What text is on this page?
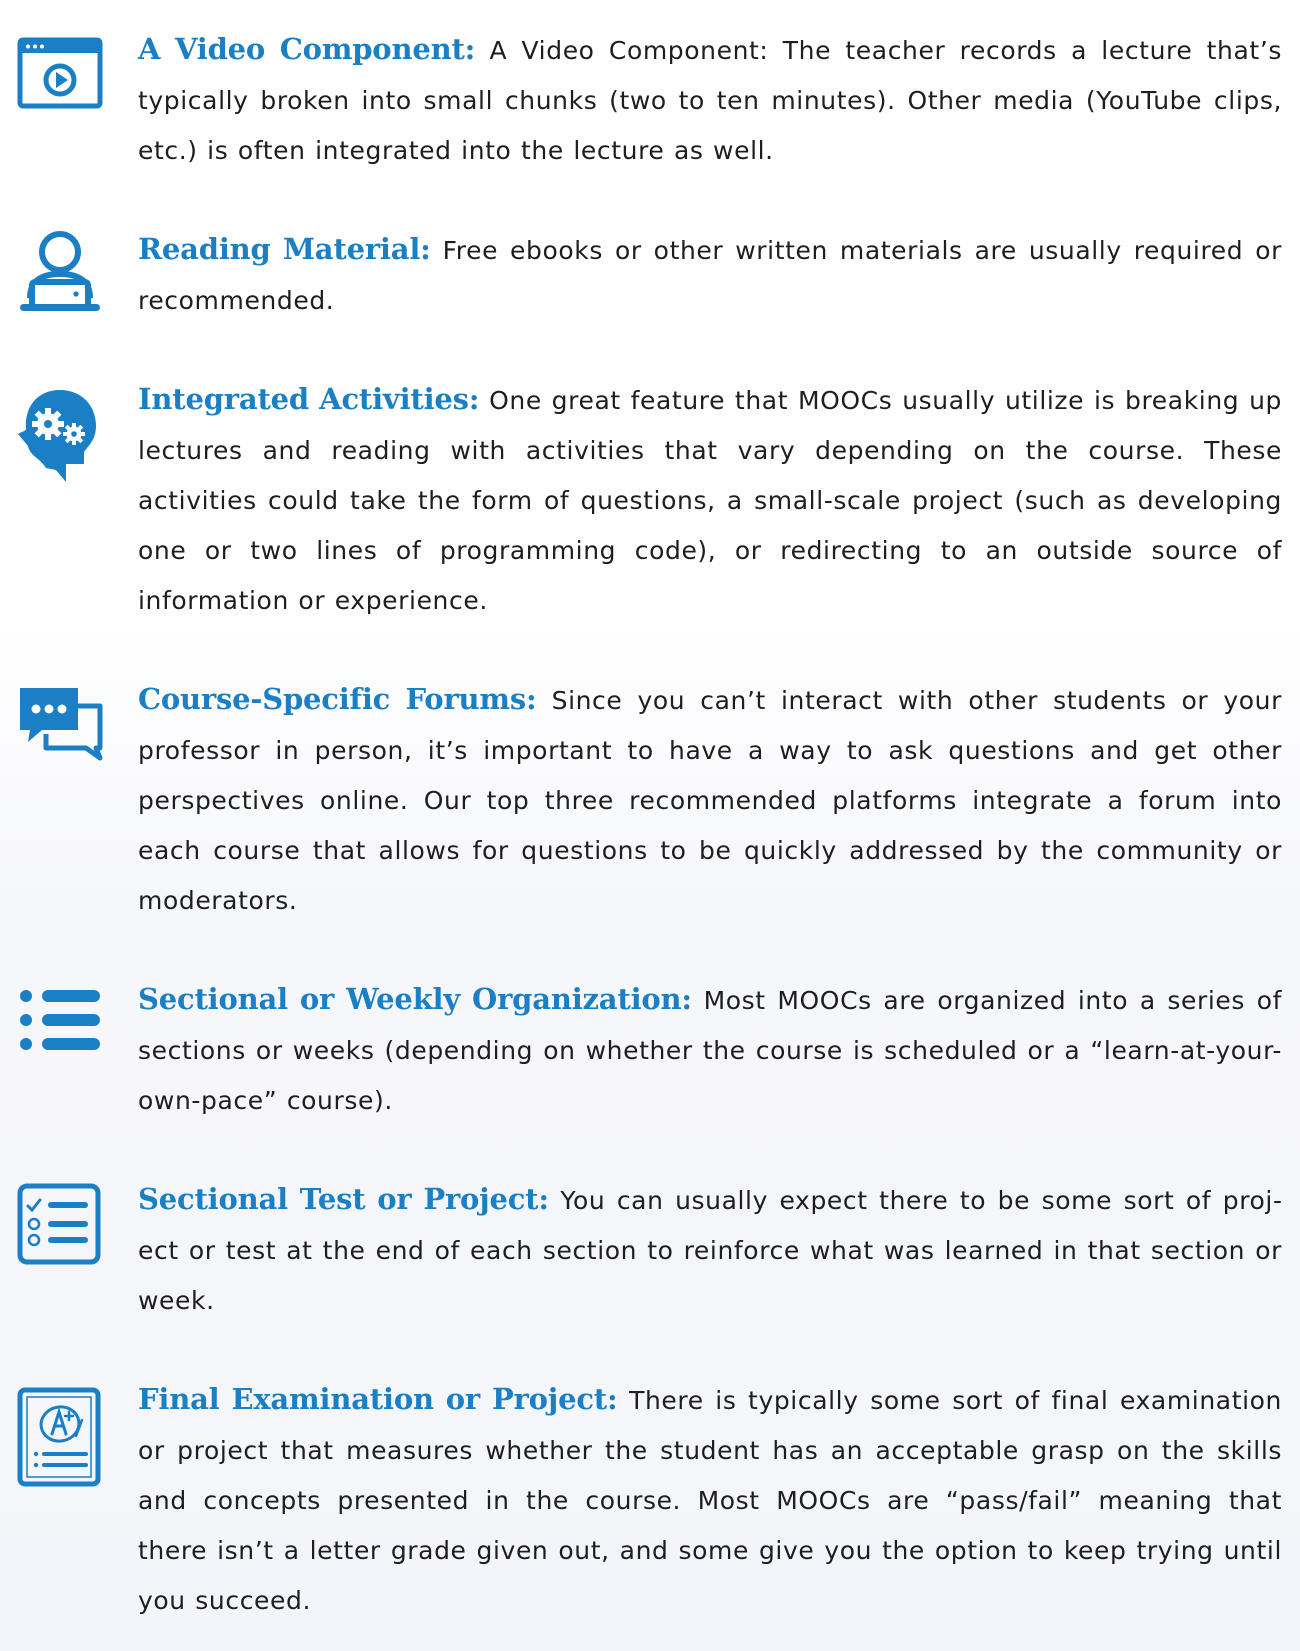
A Video Component: A Video Component: The teacher records a lecture that’s typically broken into small chunks (two to ten minutes). Other media (YouTube clips, etc.) is often integrated into the lecture as well.
Reading Material: Free ebooks or other written materials are usually required or recommended.
Integrated Activities: One great feature that MOOCs usually utilize is breaking up lectures and reading with activities that vary depending on the course. These activities could take the form of questions, a small-scale project (such as developing one or two lines of programming code), or redirecting to an outside source of information or experience.
Course-Specific Forums: Since you can’t interact with other students or your professor in person, it’s important to have a way to ask questions and get other perspectives online. Our top three recommended platforms integrate a forum into each course that allows for questions to be quickly addressed by the community or moderators.
Sectional or Weekly Organization: Most MOOCs are organized into a series of sections or weeks (depending on whether the course is scheduled or a “learn-at-your-own-pace” course).
Sectional Test or Project: You can usually expect there to be some sort of project or test at the end of each section to reinforce what was learned in that section or week.
Final Examination or Project: There is typically some sort of final examination or project that measures whether the student has an acceptable grasp on the skills and concepts presented in the course. Most MOOCs are “pass/fail” meaning that there isn’t a letter grade given out, and some give you the option to keep trying until you succeed.
